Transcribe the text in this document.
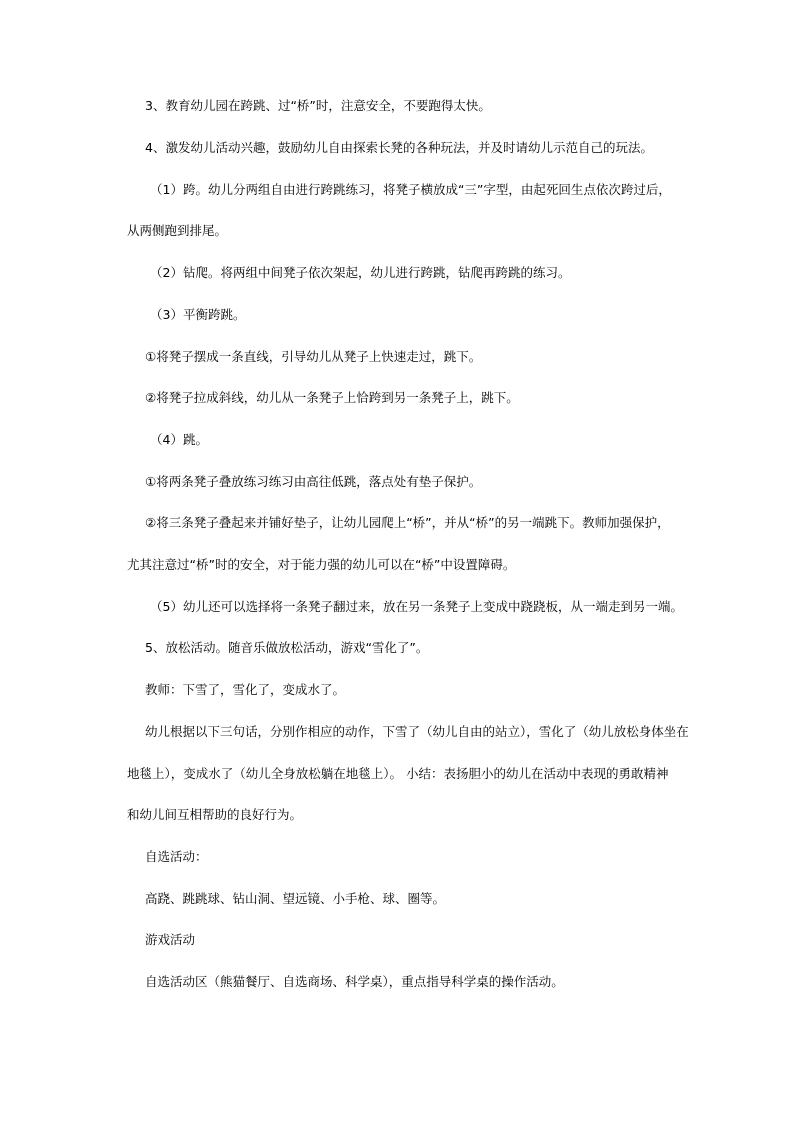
3、教育幼儿园在跨跳、过“桥”时，注意安全，不要跑得太快。
4、激发幼儿活动兴趣，鼓励幼儿自由探索长凳的各种玩法，并及时请幼儿示范自己的玩法。
（1）跨。幼儿分两组自由进行跨跳练习，将凳子横放成“三”字型，由起死回生点依次跨过后，
从两侧跑到排尾。
（2）钻爬。将两组中间凳子依次架起，幼儿进行跨跳，钻爬再跨跳的练习。
（3）平衡跨跳。
①将凳子摆成一条直线，引导幼儿从凳子上快速走过，跳下。
②将凳子拉成斜线，幼儿从一条凳子上恰跨到另一条凳子上，跳下。
（4）跳。
①将两条凳子叠放练习练习由高往低跳，落点处有垫子保护。
②将三条凳子叠起来并铺好垫子，让幼儿园爬上“桥”，并从“桥”的另一端跳下。教师加强保护，
尤其注意过“桥”时的安全，对于能力强的幼儿可以在“桥”中设置障碍。
（5）幼儿还可以选择将一条凳子翻过来，放在另一条凳子上变成中跷跷板，从一端走到另一端。
5、放松活动。随音乐做放松活动，游戏“雪化了”。
教师：下雪了，雪化了，变成水了。
幼儿根据以下三句话，分别作相应的动作，下雪了（幼儿自由的站立），雪化了（幼儿放松身体坐在
地毯上），变成水了（幼儿全身放松躺在地毯上）。 小结：表扬胆小的幼儿在活动中表现的勇敢精神
和幼儿间互相帮助的良好行为。
自选活动：
高跷、跳跳球、钻山洞、望远镜、小手枪、球、圈等。
游戏活动
自选活动区（熊猫餐厅、自选商场、科学桌），重点指导科学桌的操作活动。
